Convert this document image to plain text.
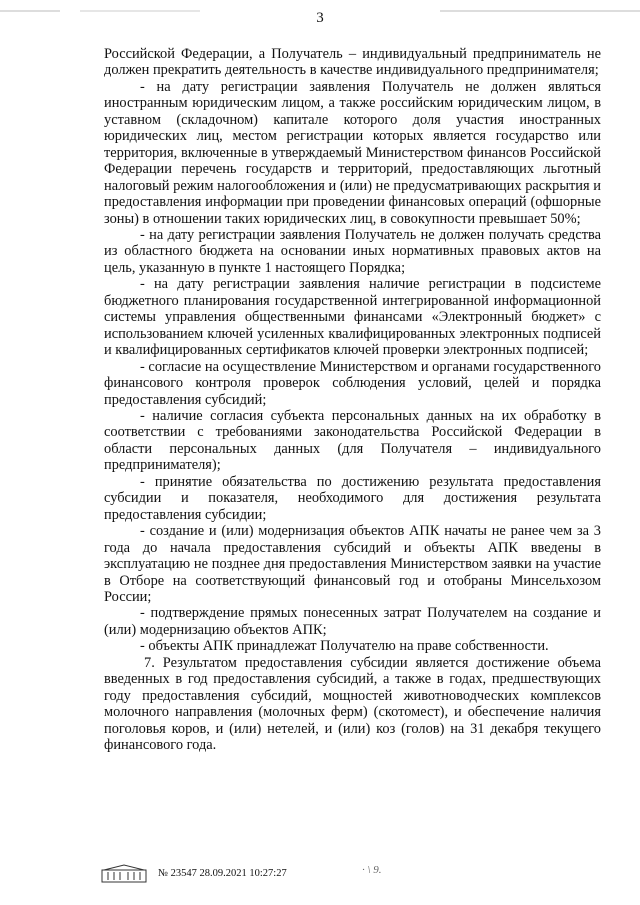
3

Российской Федерации, а Получатель – индивидуальный предприниматель не должен прекратить деятельность в качестве индивидуального предпринимателя;

- на дату регистрации заявления Получатель не должен являться иностранным юридическим лицом, а также российским юридическим лицом, в уставном (складочном) капитале которого доля участия иностранных юридических лиц, местом регистрации которых является государство или территория, включенные в утверждаемый Министерством финансов Российской Федерации перечень государств и территорий, предоставляющих льготный налоговый режим налогообложения и (или) не предусматривающих раскрытия и предоставления информации при проведении финансовых операций (офшорные зоны) в отношении таких юридических лиц, в совокупности превышает 50%;

- на дату регистрации заявления Получатель не должен получать средства из областного бюджета на основании иных нормативных правовых актов на цель, указанную в пункте 1 настоящего Порядка;

- на дату регистрации заявления наличие регистрации в подсистеме бюджетного планирования государственной интегрированной информационной системы управления общественными финансами «Электронный бюджет» с использованием ключей усиленных квалифицированных электронных подписей и квалифицированных сертификатов ключей проверки электронных подписей;

- согласие на осуществление Министерством и органами государственного финансового контроля проверок соблюдения условий, целей и порядка предоставления субсидий;

- наличие согласия субъекта персональных данных на их обработку в соответствии с требованиями законодательства Российской Федерации в области персональных данных (для Получателя – индивидуального предпринимателя);

- принятие обязательства по достижению результата предоставления субсидии и показателя, необходимого для достижения результата предоставления субсидии;

- создание и (или) модернизация объектов АПК начаты не ранее чем за 3 года до начала предоставления субсидий и объекты АПК введены в эксплуатацию не позднее дня предоставления Министерством заявки на участие в Отборе на соответствующий финансовый год и отобраны Минсельхозом России;

- подтверждение прямых понесенных затрат Получателем на создание и (или) модернизацию объектов АПК;

- объекты АПК принадлежат Получателю на праве собственности.

7. Результатом предоставления субсидии является достижение объема введенных в год предоставления субсидий, а также в годах, предшествующих году предоставления субсидий, мощностей животноводческих комплексов молочного направления (молочных ферм) (скотомест), и обеспечение наличия поголовья коров, и (или) нетелей, и (или) коз (голов) на 31 декабря текущего финансового года.

№ 23547 28.09.2021 10:27:27	· \ 9.
